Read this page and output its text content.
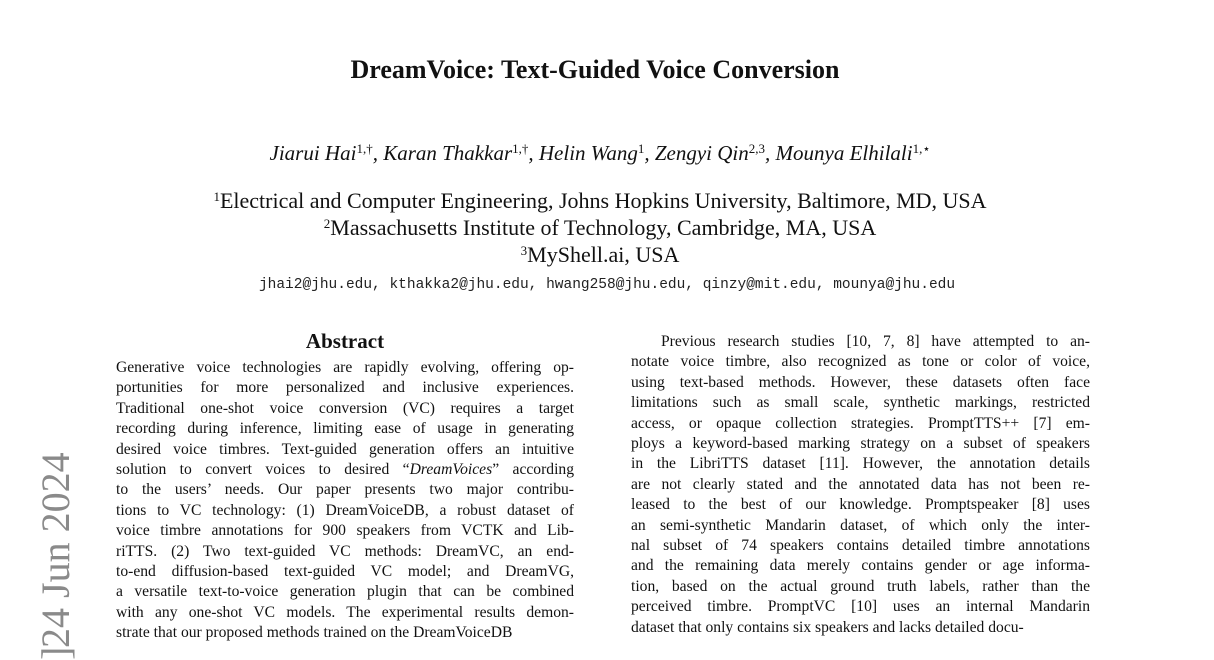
DreamVoice: Text-Guided Voice Conversion
Jiarui Hai$^{1,\dagger}$, Karan Thakkar$^{1,\dagger}$, Helin Wang$^1$, Zengyi Qin$^{2,3}$, Mounya Elhilali$^{1,⋆}$
$^1$Electrical and Computer Engineering, Johns Hopkins University, Baltimore, MD, USA
$^2$Massachusetts Institute of Technology, Cambridge, MA, USA
$^3$MyShell.ai, USA
jhai2@jhu.edu, kthakka2@jhu.edu, hwang258@jhu.edu, qinzy@mit.edu, mounya@jhu.edu
Abstract
Generative voice technologies are rapidly evolving, offering op-
portunities for more personalized and inclusive experiences.
Traditional one-shot voice conversion (VC) requires a target
recording during inference, limiting ease of usage in generating
desired voice timbres. Text-guided generation offers an intuitive
solution to convert voices to desired “DreamVoices” according
to the users’ needs. Our paper presents two major contribu-
tions to VC technology: (1) DreamVoiceDB, a robust dataset of
voice timbre annotations for 900 speakers from VCTK and Lib-
riTTS. (2) Two text-guided VC methods: DreamVC, an end-
to-end diffusion-based text-guided VC model; and DreamVG,
a versatile text-to-voice generation plugin that can be combined
with any one-shot VC models. The experimental results demon-
strate that our proposed methods trained on the DreamVoiceDB
Previous research studies [10, 7, 8] have attempted to an-
notate voice timbre, also recognized as tone or color of voice,
using text-based methods. However, these datasets often face
limitations such as small scale, synthetic markings, restricted
access, or opaque collection strategies. PromptTTS++ [7] em-
ploys a keyword-based marking strategy on a subset of speakers
in the LibriTTS dataset [11]. However, the annotation details
are not clearly stated and the annotated data has not been re-
leased to the best of our knowledge. Promptspeaker [8] uses
an semi-synthetic Mandarin dataset, of which only the inter-
nal subset of 74 speakers contains detailed timbre annotations
and the remaining data merely contains gender or age informa-
tion, based on the actual ground truth labels, rather than the
perceived timbre. PromptVC [10] uses an internal Mandarin
dataset that only contains six speakers and lacks detailed docu-
24 Jun 2024
]
